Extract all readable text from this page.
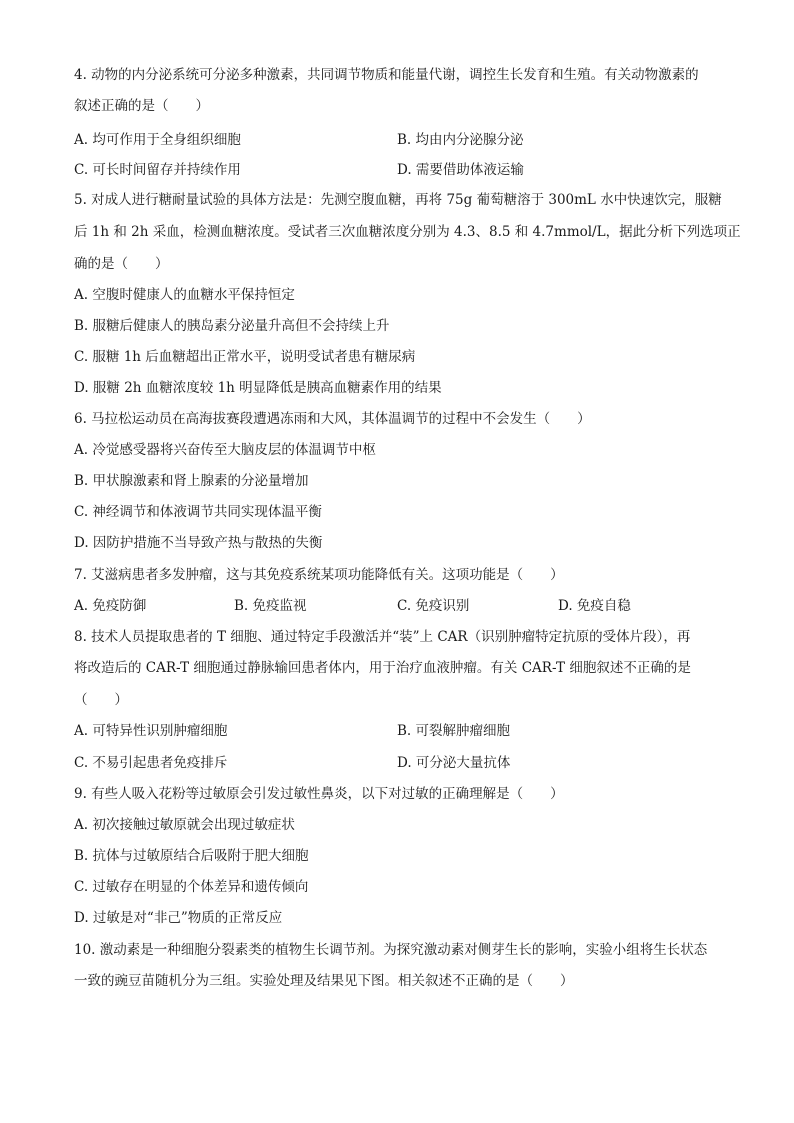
4. 动物的内分泌系统可分泌多种激素，共同调节物质和能量代谢，调控生长发育和生殖。有关动物激素的
叙述正确的是（　　）
A. 均可作用于全身组织细胞	B. 均由内分泌腺分泌
C. 可长时间留存并持续作用	D. 需要借助体液运输
5. 对成人进行糖耐量试验的具体方法是：先测空腹血糖，再将 75g 葡萄糖溶于 300mL 水中快速饮完，服糖
后 1h 和 2h 采血，检测血糖浓度。受试者三次血糖浓度分别为 4.3、8.5 和 4.7mmol/L，据此分析下列选项正
确的是（　　）
A. 空腹时健康人的血糖水平保持恒定
B. 服糖后健康人的胰岛素分泌量升高但不会持续上升
C. 服糖 1h 后血糖超出正常水平，说明受试者患有糖尿病
D. 服糖 2h 血糖浓度较 1h 明显降低是胰高血糖素作用的结果
6. 马拉松运动员在高海拔赛段遭遇冻雨和大风，其体温调节的过程中不会发生（　　）
A. 冷觉感受器将兴奋传至大脑皮层的体温调节中枢
B. 甲状腺激素和肾上腺素的分泌量增加
C. 神经调节和体液调节共同实现体温平衡
D. 因防护措施不当导致产热与散热的失衡
7. 艾滋病患者多发肿瘤，这与其免疫系统某项功能降低有关。这项功能是（　　）
A. 免疫防御	B. 免疫监视	C. 免疫识别	D. 免疫自稳
8. 技术人员提取患者的 T 细胞、通过特定手段激活并“装”上 CAR（识别肿瘤特定抗原的受体片段），再
将改造后的 CAR-T 细胞通过静脉输回患者体内，用于治疗血液肿瘤。有关 CAR-T 细胞叙述不正确的是
（　　）
A. 可特异性识别肿瘤细胞	B. 可裂解肿瘤细胞
C. 不易引起患者免疫排斥	D. 可分泌大量抗体
9. 有些人吸入花粉等过敏原会引发过敏性鼻炎，以下对过敏的正确理解是（　　）
A. 初次接触过敏原就会出现过敏症状
B. 抗体与过敏原结合后吸附于肥大细胞
C. 过敏存在明显的个体差异和遗传倾向
D. 过敏是对“非己”物质的正常反应
10. 激动素是一种细胞分裂素类的植物生长调节剂。为探究激动素对侧芽生长的影响，实验小组将生长状态
一致的豌豆苗随机分为三组。实验处理及结果见下图。相关叙述不正确的是（　　）
